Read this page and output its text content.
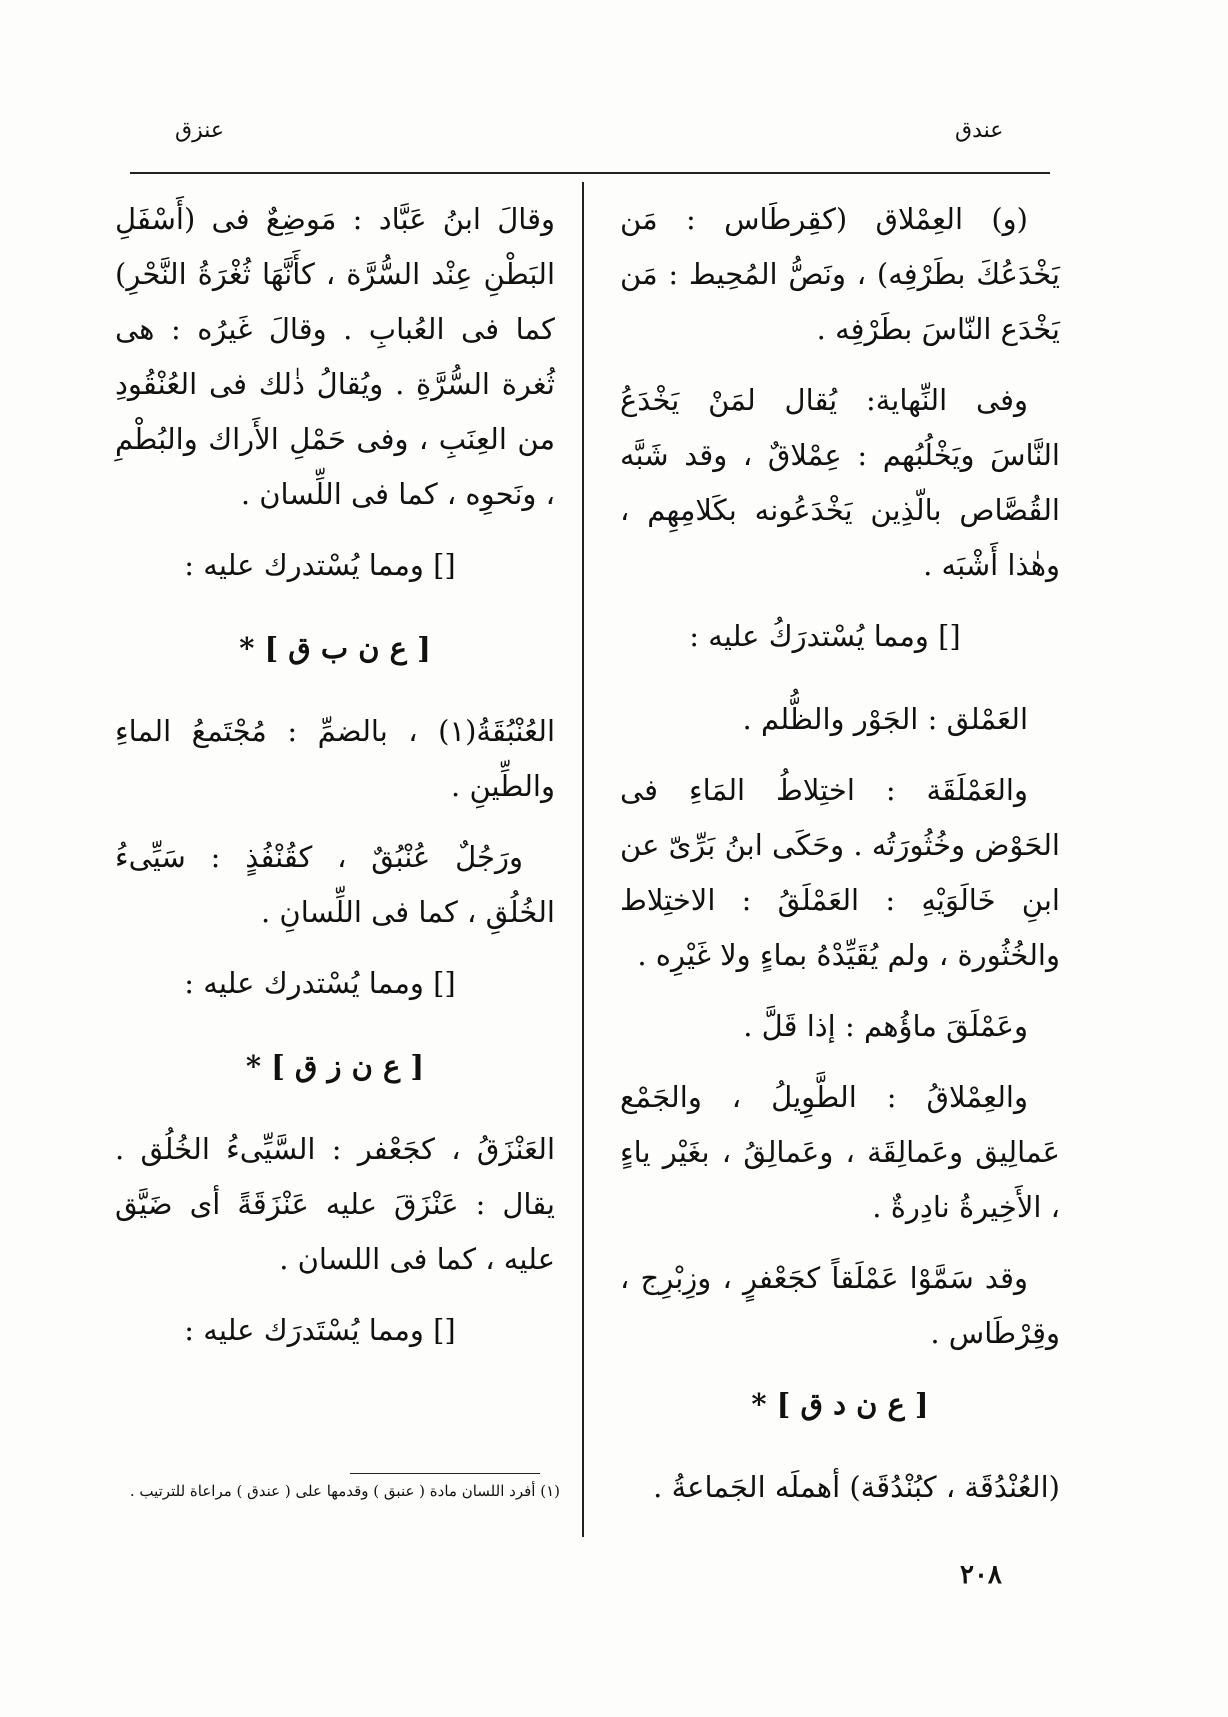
عندق
عنزق

(و) العِمْلاق (كقِرطَاس : مَن يَخْدَعُكَ بطَرْفِه) ، ونَصُّ المُحِيط : مَن يَخْدَع النّاسَ بطَرْفِه .

وفى النِّهاية: يُقال لمَنْ يَخْدَعُ النَّاسَ ويَخْلُبُهم : عِمْلاقٌ ، وقد شَبَّه القُصَّاص بالّذِين يَخْدَعُونه بكَلامِهِم ، وهٰذا أَشْبَه .

[] ومما يُسْتدرَكُ عليه :

العَمْلق : الجَوْر والظُّلم .

والعَمْلَقَة : اختِلاطُ المَاءِ فى الحَوْض وخُثُورَتُه . وحَكَى ابنُ بَرِّىّ عن ابنِ خَالَوَيْهِ : العَمْلَقُ : الاختِلاط والخُثُورة ، ولم يُقَيِّدْهُ بماءٍ ولا غَيْرِه .

وعَمْلَقَ ماؤُهم : إذا قَلَّ .

والعِمْلاقُ : الطَّوِيلُ ، والجَمْع عَمالِيق وعَمالِقَة ، وعَمالِقُ ، بغَيْر ياءٍ ، الأَخِيرةُ نادِرةٌ .

وقد سَمَّوْا عَمْلَقاً كجَعْفرٍ ، وزِبْرِج ، وقِرْطَاس .

[ ع ن د ق ] *

(العُنْدُقَة ، كبُنْدُقَة) أهملَه الجَماعةُ .

وقالَ ابنُ عَبَّاد : مَوضِعٌ فى (أَسْفَلِ البَطْنِ عِنْد السُّرَّة ، كأَنَّهَا ثُغْرَةُ النَّحْرِ) كما فى العُبابِ . وقالَ غَيرُه : هى ثُغرة السُّرَّةِ . ويُقالُ ذٰلك فى العُنْقُودِ من العِنَبِ ، وفى حَمْلِ الأَراك والبُطْمِ ، ونَحوِه ، كما فى اللِّسان .

[] ومما يُسْتدرك عليه :

[ ع ن ب ق ] *

العُنْبُقَةُ(١) ، بالضمِّ : مُجْتَمعُ الماءِ والطِّينِ .

ورَجُلٌ عُنْبُقٌ ، كقُنْفُذٍ : سَيِّىءُ الخُلُقِ ، كما فى اللِّسانِ .

[] ومما يُسْتدرك عليه :

[ ع ن ز ق ] *

العَنْزَقُ ، كجَعْفر : السَّيِّىءُ الخُلُق . يقال : عَنْزَقَ عليه عَنْزَقَةً أى ضَيَّق عليه ، كما فى اللسان .

[] ومما يُسْتَدرَك عليه :

(١) أفرد اللسان مادة ( عنبق ) وقدمها على ( عندق ) مراعاة للترتيب .
٢٠٨
